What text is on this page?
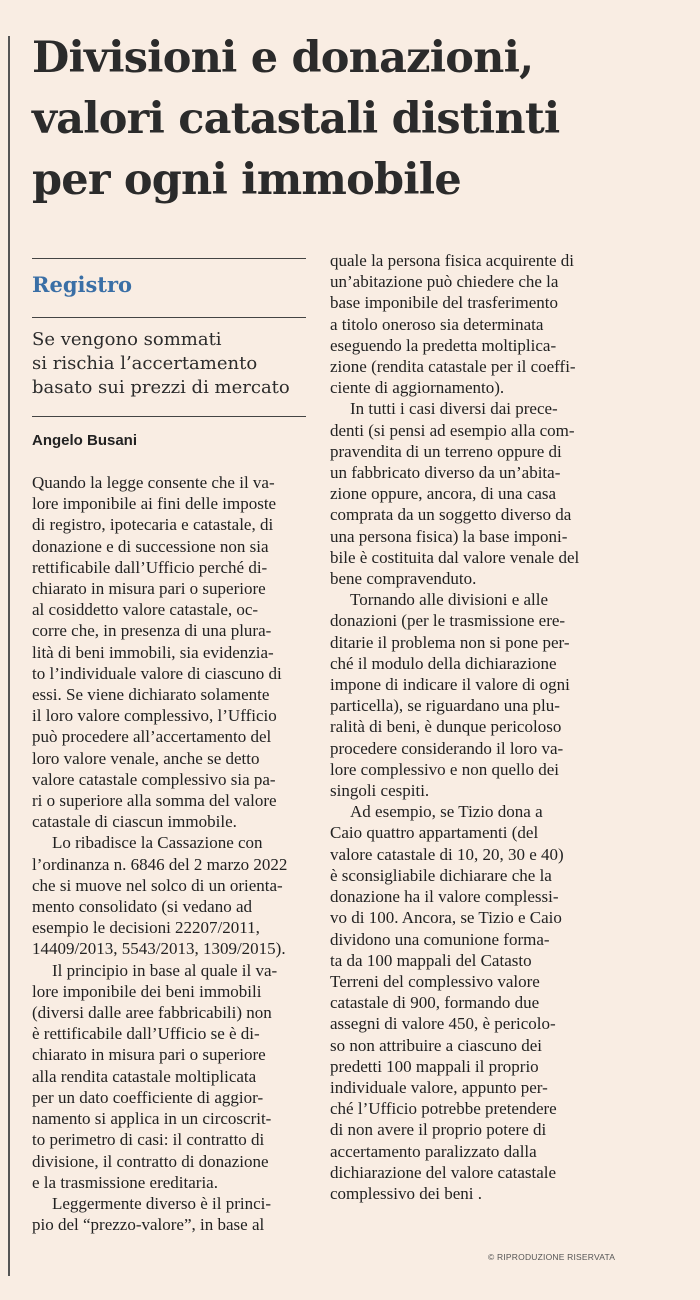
Divisioni e donazioni,
valori catastali distinti
per ogni immobile
Registro
Se vengono sommati
si rischia l’accertamento
basato sui prezzi di mercato
Angelo Busani
Quando la legge consente che il va-
lore imponibile ai fini delle imposte
di registro, ipotecaria e catastale, di
donazione e di successione non sia
rettificabile dall’Ufficio perché di-
chiarato in misura pari o superiore
al cosiddetto valore catastale, oc-
corre che, in presenza di una plura-
lità di beni immobili, sia evidenzia-
to l’individuale valore di ciascuno di
essi. Se viene dichiarato solamente
il loro valore complessivo, l’Ufficio
può procedere all’accertamento del
loro valore venale, anche se detto
valore catastale complessivo sia pa-
ri o superiore alla somma del valore
catastale di ciascun immobile.
Lo ribadisce la Cassazione con
l’ordinanza n. 6846 del 2 marzo 2022
che si muove nel solco di un orienta-
mento consolidato (si vedano ad
esempio le decisioni 22207/2011,
14409/2013, 5543/2013, 1309/2015).
Il principio in base al quale il va-
lore imponibile dei beni immobili
(diversi dalle aree fabbricabili) non
è rettificabile dall’Ufficio se è di-
chiarato in misura pari o superiore
alla rendita catastale moltiplicata
per un dato coefficiente di aggior-
namento si applica in un circoscrit-
to perimetro di casi: il contratto di
divisione, il contratto di donazione
e la trasmissione ereditaria.
Leggermente diverso è il princi-
pio del “prezzo-valore”, in base al
quale la persona fisica acquirente di
un’abitazione può chiedere che la
base imponibile del trasferimento
a titolo oneroso sia determinata
eseguendo la predetta moltiplica-
zione (rendita catastale per il coeffi-
ciente di aggiornamento).
In tutti i casi diversi dai prece-
denti (si pensi ad esempio alla com-
pravendita di un terreno oppure di
un fabbricato diverso da un’abita-
zione oppure, ancora, di una casa
comprata da un soggetto diverso da
una persona fisica) la base imponi-
bile è costituita dal valore venale del
bene compravenduto.
Tornando alle divisioni e alle
donazioni (per le trasmissione ere-
ditarie il problema non si pone per-
ché il modulo della dichiarazione
impone di indicare il valore di ogni
particella), se riguardano una plu-
ralità di beni, è dunque pericoloso
procedere considerando il loro va-
lore complessivo e non quello dei
singoli cespiti.
Ad esempio, se Tizio dona a
Caio quattro appartamenti (del
valore catastale di 10, 20, 30 e 40)
è sconsigliabile dichiarare che la
donazione ha il valore complessi-
vo di 100. Ancora, se Tizio e Caio
dividono una comunione forma-
ta da 100 mappali del Catasto
Terreni del complessivo valore
catastale di 900, formando due
assegni di valore 450, è pericolo-
so non attribuire a ciascuno dei
predetti 100 mappali il proprio
individuale valore, appunto per-
ché l’Ufficio potrebbe pretendere
di non avere il proprio potere di
accertamento paralizzato dalla
dichiarazione del valore catastale
complessivo dei beni .
© RIPRODUZIONE RISERVATA
